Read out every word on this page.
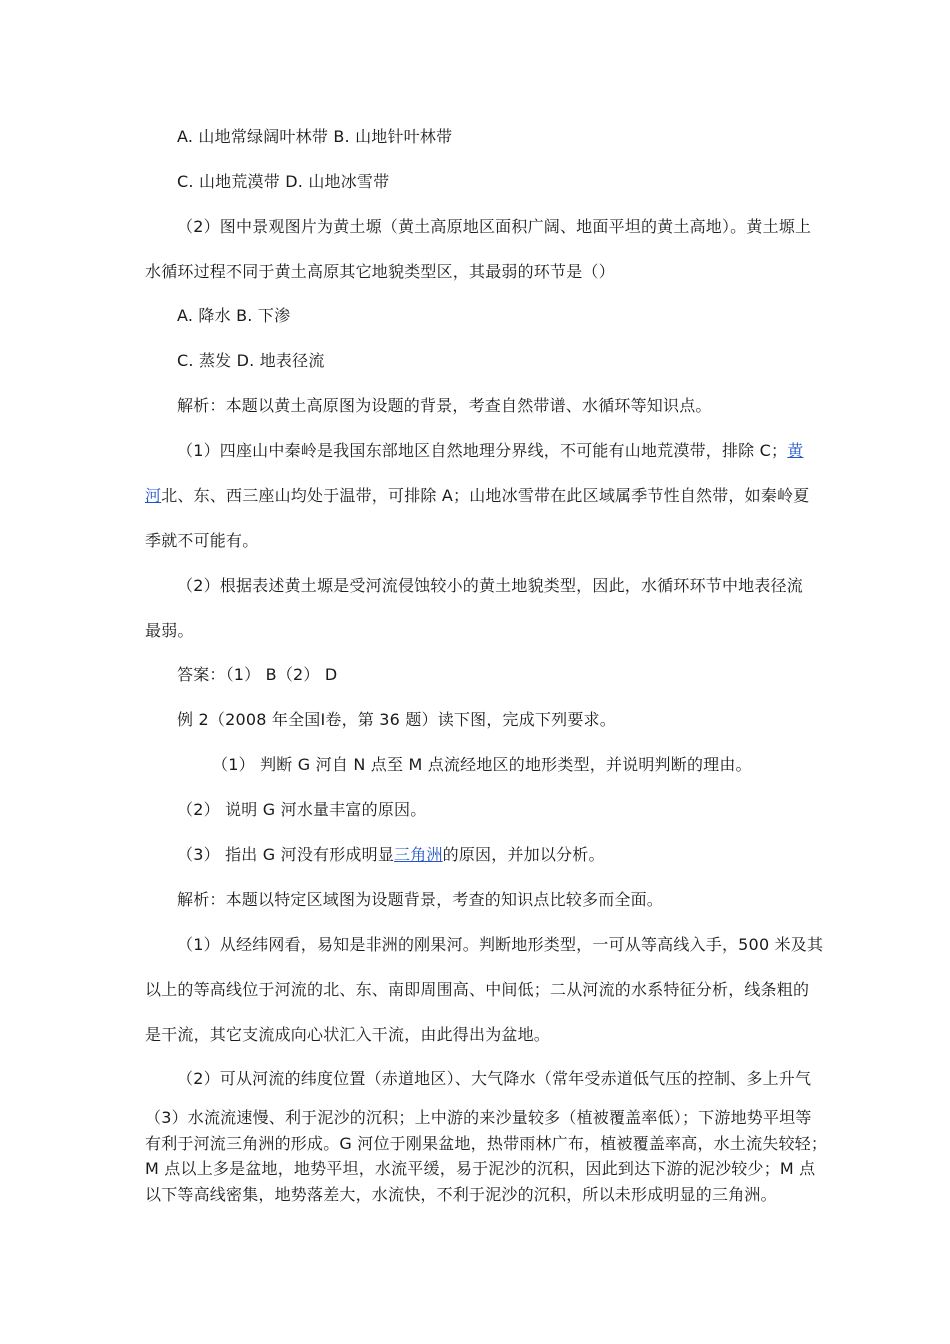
A. 山地常绿阔叶林带 B. 山地针叶林带
C. 山地荒漠带 D. 山地冰雪带
（2）图中景观图片为黄土塬（黄土高原地区面积广阔、地面平坦的黄土高地）。黄土塬上
水循环过程不同于黄土高原其它地貌类型区，其最弱的环节是（）
A. 降水 B. 下渗
C. 蒸发 D. 地表径流
解析：本题以黄土高原图为设题的背景，考查自然带谱、水循环等知识点。
（1）四座山中秦岭是我国东部地区自然地理分界线，不可能有山地荒漠带，排除 C；黄
河北、东、西三座山均处于温带，可排除 A；山地冰雪带在此区域属季节性自然带，如秦岭夏
季就不可能有。
（2）根据表述黄土塬是受河流侵蚀较小的黄土地貌类型，因此，水循环环节中地表径流
最弱。
答案：（1） B（2） D
例 2（2008 年全国Ⅰ卷，第 36 题）读下图，完成下列要求。
（1） 判断 G 河自 N 点至 M 点流经地区的地形类型，并说明判断的理由。
（2） 说明 G 河水量丰富的原因。
（3） 指出 G 河没有形成明显三角洲的原因，并加以分析。
解析：本题以特定区域图为设题背景，考查的知识点比较多而全面。
（1）从经纬网看，易知是非洲的刚果河。判断地形类型，一可从等高线入手，500 米及其
以上的等高线位于河流的北、东、南即周围高、中间低；二从河流的水系特征分析，线条粗的
是干流，其它支流成向心状汇入干流，由此得出为盆地。
（2）可从河流的纬度位置（赤道地区）、大气降水（常年受赤道低气压的控制、多上升气
（3）水流流速慢、利于泥沙的沉积；上中游的来沙量较多（植被覆盖率低）；下游地势平坦等
有利于河流三角洲的形成。G 河位于刚果盆地，热带雨林广布，植被覆盖率高，水土流失较轻；
M 点以上多是盆地，地势平坦，水流平缓，易于泥沙的沉积，因此到达下游的泥沙较少；M 点
以下等高线密集，地势落差大，水流快，不利于泥沙的沉积，所以未形成明显的三角洲。
